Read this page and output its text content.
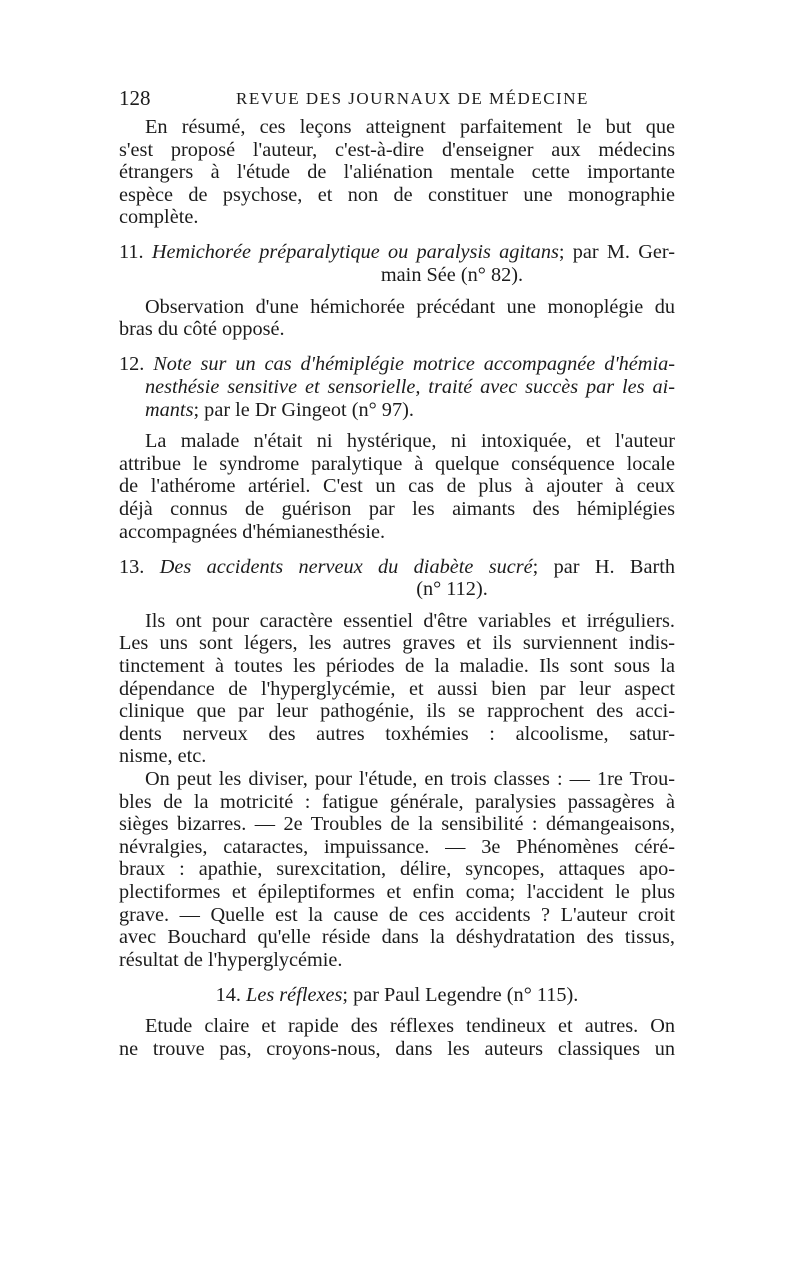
128	REVUE DES JOURNAUX DE MÉDECINE
En résumé, ces leçons atteignent parfaitement le but que
s'est proposé l'auteur, c'est-à-dire d'enseigner aux médecins
étrangers à l'étude de l'aliénation mentale cette importante
espèce de psychose, et non de constituer une monographie
complète.
11. Hemichorée préparalytique ou paralysis agitans; par M. Ger-
main Sée (n° 82).
Observation d'une hémichorée précédant une monoplégie du
bras du côté opposé.
12. Note sur un cas d'hémiplégie motrice accompagnée d'hémia-
nesthésie sensitive et sensorielle, traité avec succès par les ai-
mants; par le Dr Gingeot (n° 97).
La malade n'était ni hystérique, ni intoxiquée, et l'auteur
attribue le syndrome paralytique à quelque conséquence locale
de l'athérome artériel. C'est un cas de plus à ajouter à ceux
déjà connus de guérison par les aimants des hémiplégies
accompagnées d'hémianesthésie.
13. Des accidents nerveux du diabète sucré; par H. Barth
(n° 112).
Ils ont pour caractère essentiel d'être variables et irréguliers.
Les uns sont légers, les autres graves et ils surviennent indis-
tinctement à toutes les périodes de la maladie. Ils sont sous la
dépendance de l'hyperglycémie, et aussi bien par leur aspect
clinique que par leur pathogénie, ils se rapprochent des acci-
dents nerveux des autres toxhémies : alcoolisme, satur-
nisme, etc.
On peut les diviser, pour l'étude, en trois classes : — 1re Trou-
bles de la motricité : fatigue générale, paralysies passagères à
sièges bizarres. — 2e Troubles de la sensibilité : démangeaisons,
névralgies, cataractes, impuissance. — 3e Phénomènes céré-
braux : apathie, surexcitation, délire, syncopes, attaques apo-
plectiformes et épileptiformes et enfin coma; l'accident le plus
grave. — Quelle est la cause de ces accidents ? L'auteur croit
avec Bouchard qu'elle réside dans la déshydratation des tissus,
résultat de l'hyperglycémie.
14. Les réflexes; par Paul Legendre (n° 115).
Etude claire et rapide des réflexes tendineux et autres. On
ne trouve pas, croyons-nous, dans les auteurs classiques un
